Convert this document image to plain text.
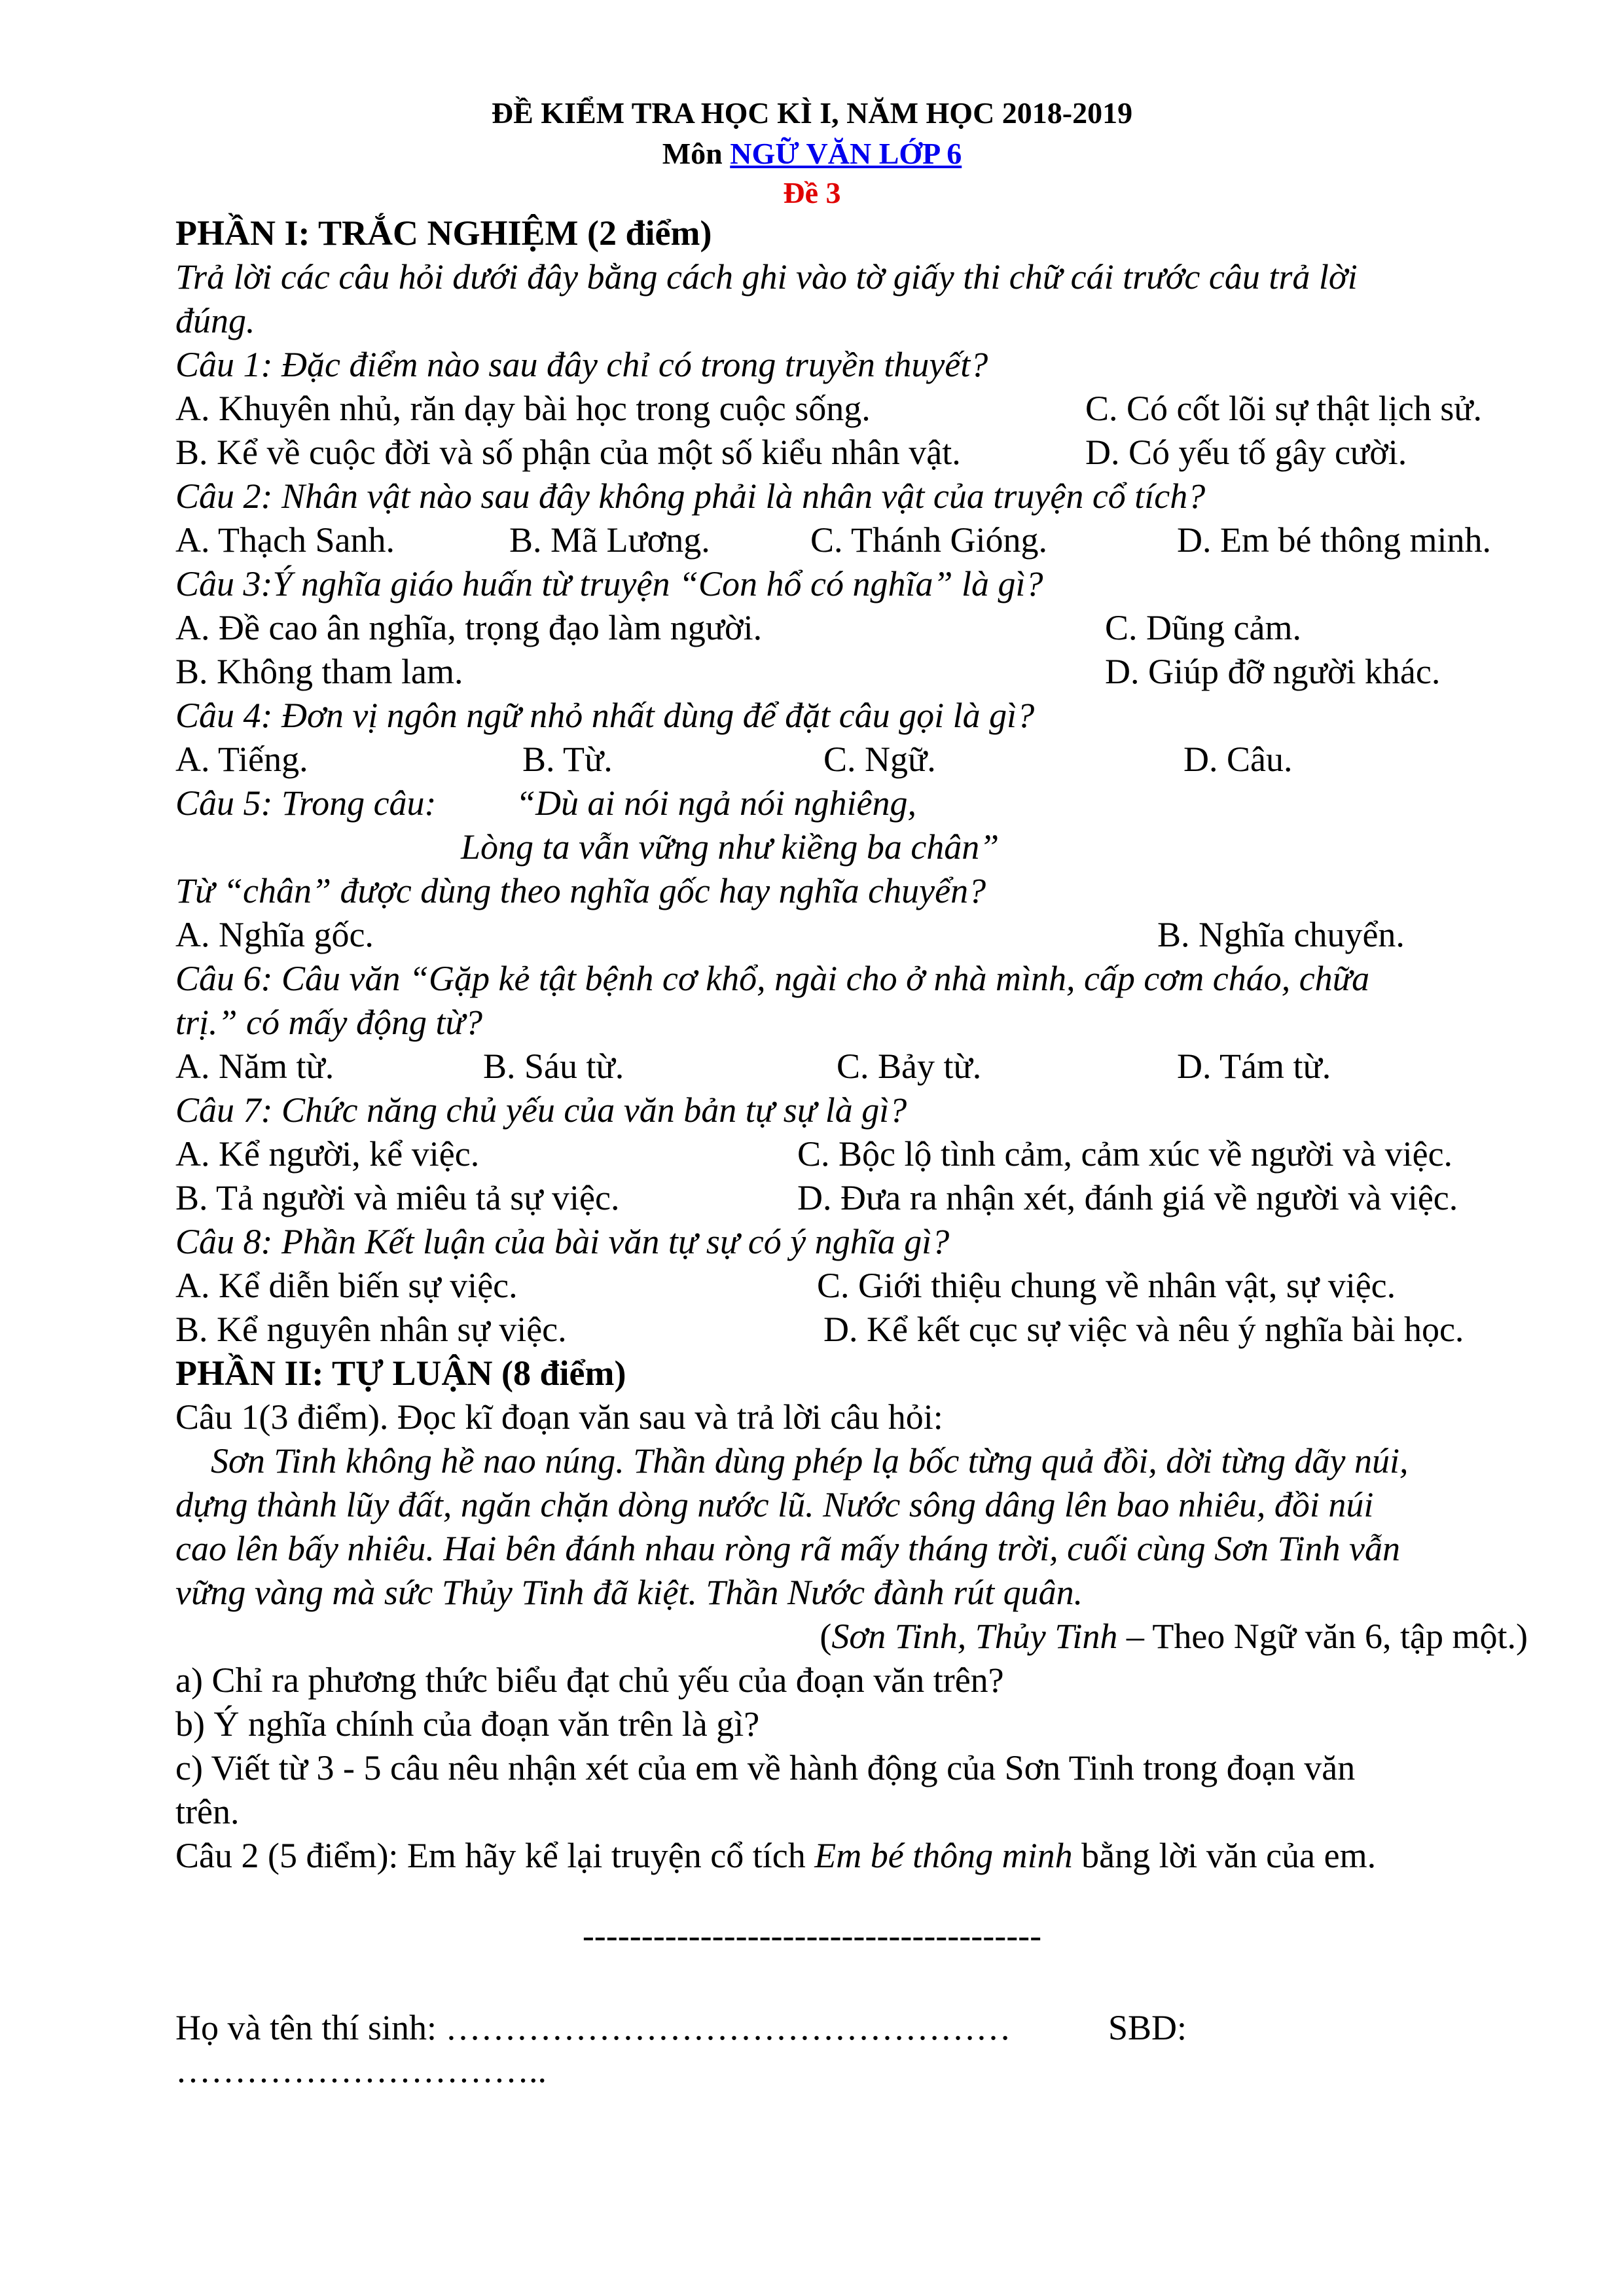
ĐỀ KIỂM TRA HỌC KÌ I, NĂM HỌC 2018-2019
Môn NGỮ VĂN LỚP 6
Đề 3
PHẦN I: TRẮC NGHIỆM (2 điểm)
Trả lời các câu hỏi dưới đây bằng cách ghi vào tờ giấy thi chữ cái trước câu trả lời
đúng.
Câu 1: Đặc điểm nào sau đây chỉ có trong truyền thuyết?
A. Khuyên nhủ, răn dạy bài học trong cuộc sống.	C. Có cốt lõi sự thật lịch sử.
B. Kể về cuộc đời và số phận của một số kiểu nhân vật.	D. Có yếu tố gây cười.
Câu 2: Nhân vật nào sau đây không phải là nhân vật của truyện cổ tích?
A. Thạch Sanh.	B. Mã Lương.	C. Thánh Gióng.	D. Em bé thông minh.
Câu 3:Ý nghĩa giáo huấn từ truyện “Con hổ có nghĩa” là gì?
A. Đề cao ân nghĩa, trọng đạo làm người.	C. Dũng cảm.
B. Không tham lam.	D. Giúp đỡ người khác.
Câu 4: Đơn vị ngôn ngữ nhỏ nhất dùng để đặt câu gọi là gì?
A. Tiếng.	B. Từ.	C. Ngữ.	D. Câu.
Câu 5: Trong câu: “Dù ai nói ngả nói nghiêng,
Lòng ta vẫn vững như kiềng ba chân”
Từ “chân” được dùng theo nghĩa gốc hay nghĩa chuyển?
A. Nghĩa gốc.	B. Nghĩa chuyển.
Câu 6: Câu văn “Gặp kẻ tật bệnh cơ khổ, ngài cho ở nhà mình, cấp cơm cháo, chữa
trị.” có mấy động từ?
A. Năm từ.	B. Sáu từ.	C. Bảy từ.	D. Tám từ.
Câu 7: Chức năng chủ yếu của văn bản tự sự là gì?
A. Kể người, kể việc.	C. Bộc lộ tình cảm, cảm xúc về người và việc.
B. Tả người và miêu tả sự việc.	D. Đưa ra nhận xét, đánh giá về người và việc.
Câu 8: Phần Kết luận của bài văn tự sự có ý nghĩa gì?
A. Kể diễn biến sự việc.	C. Giới thiệu chung về nhân vật, sự việc.
B. Kể nguyên nhân sự việc.	D. Kể kết cục sự việc và nêu ý nghĩa bài học.
PHẦN II: TỰ LUẬN (8 điểm)
Câu 1(3 điểm). Đọc kĩ đoạn văn sau và trả lời câu hỏi:
Sơn Tinh không hề nao núng. Thần dùng phép lạ bốc từng quả đồi, dời từng dãy núi,
dựng thành lũy đất, ngăn chặn dòng nước lũ. Nước sông dâng lên bao nhiêu, đồi núi
cao lên bấy nhiêu. Hai bên đánh nhau ròng rã mấy tháng trời, cuối cùng Sơn Tinh vẫn
vững vàng mà sức Thủy Tinh đã kiệt. Thần Nước đành rút quân.
(Sơn Tinh, Thủy Tinh – Theo Ngữ văn 6, tập một.)
a) Chỉ ra phương thức biểu đạt chủ yếu của đoạn văn trên?
b) Ý nghĩa chính của đoạn văn trên là gì?
c) Viết từ 3 - 5 câu nêu nhận xét của em về hành động của Sơn Tinh trong đoạn văn
trên.
Câu 2 (5 điểm): Em hãy kể lại truyện cổ tích Em bé thông minh bằng lời văn của em.
---------------------------------------
Họ và tên thí sinh: …………………………………………	SBD:
…………………………..
